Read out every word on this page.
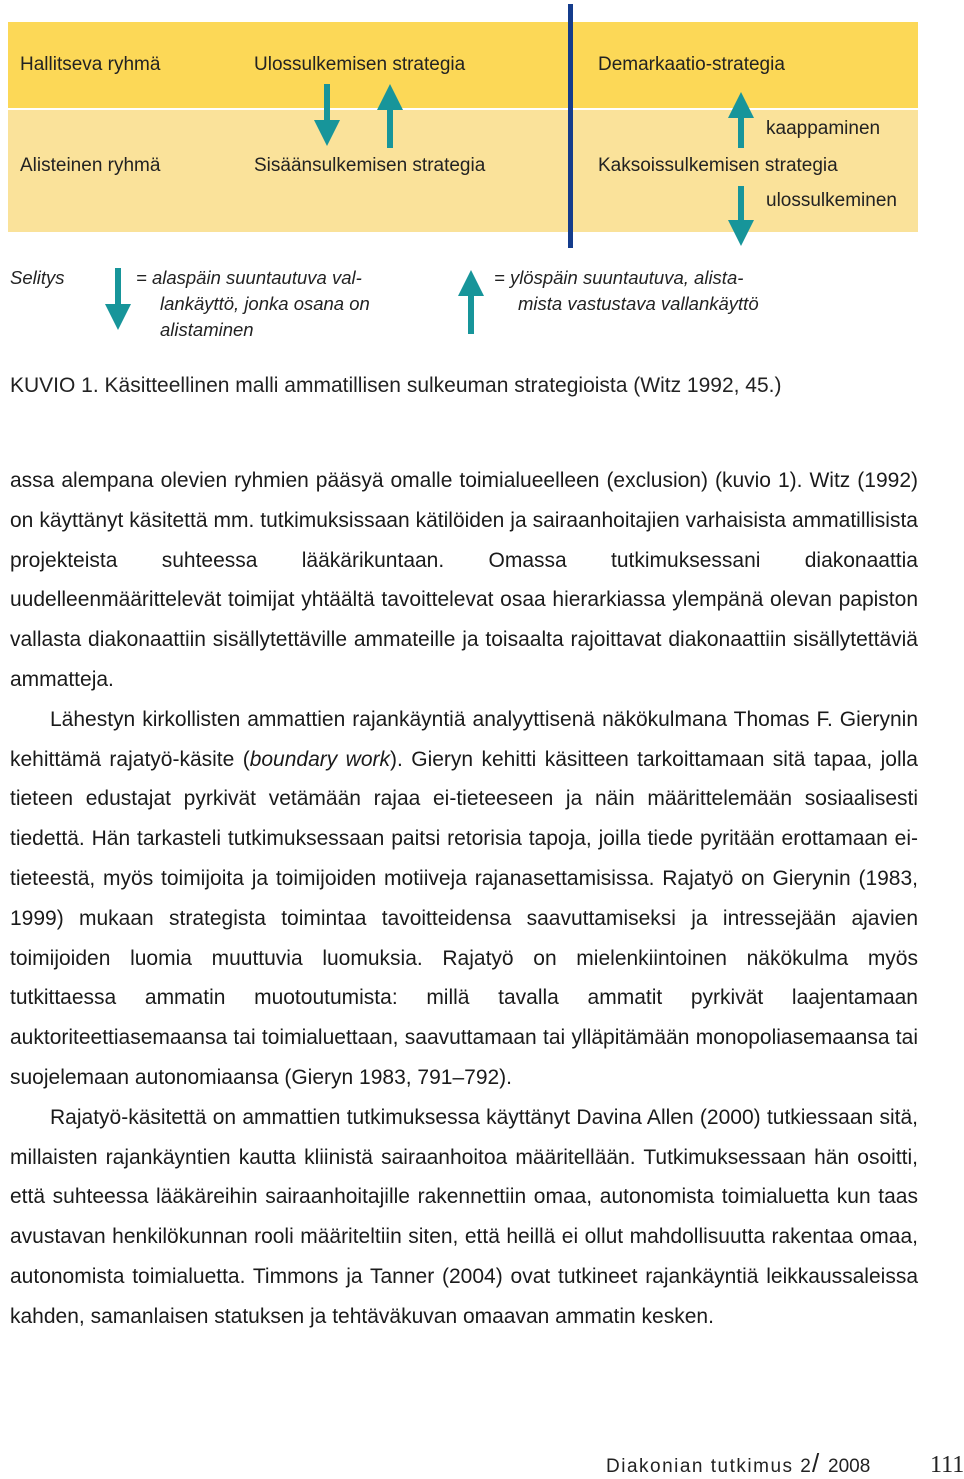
Hallitseva ryhmä	Ulossulkemisen strategia	Demarkaatio-strategia
kaappaminen
Alisteinen ryhmä	Sisäänsulkemisen strategia	Kaksoissulkemisen strategia
ulossulkeminen
Selitys	= alaspäin suuntautuva val-
lankäyttö, jonka osana on
alistaminen
= ylöspäin suuntautuva, alista-
mista vastustava vallankäyttö
KUVIO 1. Käsitteellinen malli ammatillisen sulkeuman strategioista (Witz 1992, 45.)

assa alempana olevien ryhmien pääsyä omalle toimialueelleen (exclusion) (kuvio 1). Witz (1992) on käyttänyt käsitettä mm. tutkimuksissaan kätilöiden ja sairaanhoitajien varhaisista ammatillisista projekteista suhteessa lääkärikuntaan. Omassa tutkimuksessani diakonaattia uudelleenmäärittelevät toimijat yhtäältä tavoittelevat osaa hierarkiassa ylempänä olevan papiston vallasta diakonaattiin sisällytettäville ammateille ja toisaalta rajoittavat diakonaattiin sisällytettäviä ammatteja.

Lähestyn kirkollisten ammattien rajankäyntiä analyyttisenä näkökulmana Thomas F. Gierynin kehittämä rajatyö-käsite (boundary work). Gieryn kehitti käsitteen tarkoittamaan sitä tapaa, jolla tieteen edustajat pyrkivät vetämään rajaa ei-tieteeseen ja näin määrittelemään sosiaalisesti tiedettä. Hän tarkasteli tutkimuksessaan paitsi retorisia tapoja, joilla tiede pyritään erottamaan ei-tieteestä, myös toimijoita ja toimijoiden motiiveja rajanasettamisissa. Rajatyö on Gierynin (1983, 1999) mukaan strategista toimintaa tavoitteidensa saavuttamiseksi ja intressejään ajavien toimijoiden luomia muuttuvia luomuksia. Rajatyö on mielenkiintoinen näkökulma myös tutkittaessa ammatin muotoutumista: millä tavalla ammatit pyrkivät laajentamaan auktoriteettiasemaansa tai toimialuettaan, saavuttamaan tai ylläpitämään monopoliasemaansa tai suojelemaan autonomiaansa (Gieryn 1983, 791–792).

Rajatyö-käsitettä on ammattien tutkimuksessa käyttänyt Davina Allen (2000) tutkiessaan sitä, millaisten rajankäyntien kautta kliinistä sairaanhoitoa määritellään. Tutkimuksessaan hän osoitti, että suhteessa lääkäreihin sairaanhoitajille rakennettiin omaa, autonomista toimialuetta kun taas avustavan henkilökunnan rooli määriteltiin siten, että heillä ei ollut mahdollisuutta rakentaa omaa, autonomista toimialuetta. Timmons ja Tanner (2004) ovat tutkineet rajankäyntiä leikkaussaleissa kahden, samanlaisen statuksen ja tehtäväkuvan omaavan ammatin kesken.

Diakonian tutkimus 2 / 2008 111
